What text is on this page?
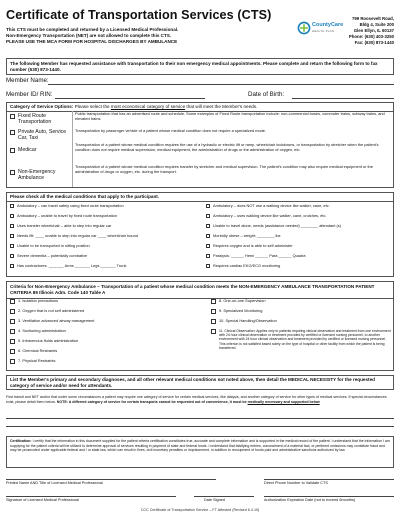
Certificate of Transportation Services (CTS)
This CTS must be completed and returned by a Licensed Medical Professional.
Non-Emergency Transportation (NET) are not allowed to complete this CTS.
PLEASE USE THE MCA FORM FOR HOSPITAL DISCHARGES BY AMBULANCE
CountyCare
HEALTH PLAN
799 Roosevelt Road,
Bldg 4, Suite 200
Glen Ellyn, IL 60137
Phone: (630) 403-3250
Fax: (630) 873-1440
The following Member has requested assistance with transportation to their non emergency medical appointments. Please complete and return the following form to fax number (630) 873-1440.
Member Name:
Member ID/ RIN:	Date of Birth:
Category of Service Options: Please select the most economical category of service that will meet the Member's needs.
Fixed Route Transportation
Public transportation that has an advertised route and schedule. Some examples of Fixed Route transportation include: non-commercial buses, commuter trains, subway trains, and elevated trains.
Private Auto, Service Car, Taxi
Transportation by passenger vehicle of a patient whose medical condition does not require a specialized mode.
Medicar
Transportation of a patient whose medical condition requires the use of a hydraulic or electric lift or ramp, wheelchair lockdowns, or transportation by stretcher when the patient's condition does not require medical supervision, medical equipment, the administration of drugs or the administration of oxygen, etc.
Non-Emergency Ambulance
Transportation of a patient whose medical condition requires transfer by stretcher and medical supervision. The patient's condition may also require medical equipment or the administration of drugs or oxygen, etc. during the transport.
Please check all the medical conditions that apply to the participant.
Ambulatory – can travel safely using fixed route transportation
Ambulatory – unable to travel by fixed route transportation
Uses transfer wheelchair – able to step into regular car
Needs lift: ____ unable to step into regular car ____ wheelchair bound
Unable to be transported in sitting position
Severe dementia – potentially combative
Has contractures: _______ Arms _______ Legs _______ Trunk
Ambulatory – does NOT use a walking device like walker, cane, etc.
Ambulatory – uses walking device like walker, cane, crutches, etc.
Unable to travel alone, needs (assistance needed) ________ attendant (s)
Morbidly obese – weight: ________ lbs
Requires oxygen and is able to self administer
Paralysis: ______ Hemi ______ Para ______ Quadra
Requires cardiac EKG/ECG monitoring
Criteria for Non-Emergency Ambulance – Transportation of a patient whose medical condition meets the NON-EMERGENCY AMBULANCE TRANSPORTATION PATIENT CRITERIA 89 Illinois Adm. Code 140 Table A
1. Isolation precautions
2. Oxygen that is not self administered
3. Ventilation advanced airway management
4. Suctioning administration
5. Intravenous fluids administration
6. Chemical Restraints
7. Physical Restraints
8. One-on-one Supervision
9. Specialized Monitoring
10. Special Handling/Observation
11. Clinical Observation: Applies only to patients requiring clinical observation and treatment from one environment with 24 hour clinical observation or treatment provided by certified or licensed nursing personnel, to another environment with 24 hour clinical observation and treatment provided by certified or licensed nursing personnel. This criterion is not satisfied based solely on the type of hospital or other facility from which the patient is being transferred.
List the Member's primary and secondary diagnoses, and all other relevant medical conditions not noted above, then detail the MEDICAL NECESSITY for the requested category of service and/or need for attendants.
First transit and NET and/or that under some circumstances a patient may require one category of service for certain medical services, like dialysis, and another category of service for other types of medical services. If special circumstances exist, please detail them below. NOTE: A different category of service for certain transports cannot be requested out of convenience, it must be medically necessary and supported below
Certification: I certify that the information in this document supplied for the patient criteria certification constitutes true, accurate and complete information and is supported in the medical record of the patient. I understand that the information I am supplying for the patient criteria will be utilized to determine approval of services resulting in payment of state and federal funds. I understand that falsifying entries, concealment of a material fact, or pertinent omissions may constitute fraud and may be prosecuted under applicable federal and / or state law, which can result in fines, civil monetary penalties or imprisonment, in addition to recoupment of funds paid and administrative sanctions authorized by law.
Printed Name AND Title of Licensed Medical Professional	Direct Phone Number to Validate CTS
Signature of Licensed Medical Professional	Date Signed	Authorization Expiration Date (not to exceed 6months)
CCC Certificate of Transportation Service – FT Attested (Revised 6.4.15)
